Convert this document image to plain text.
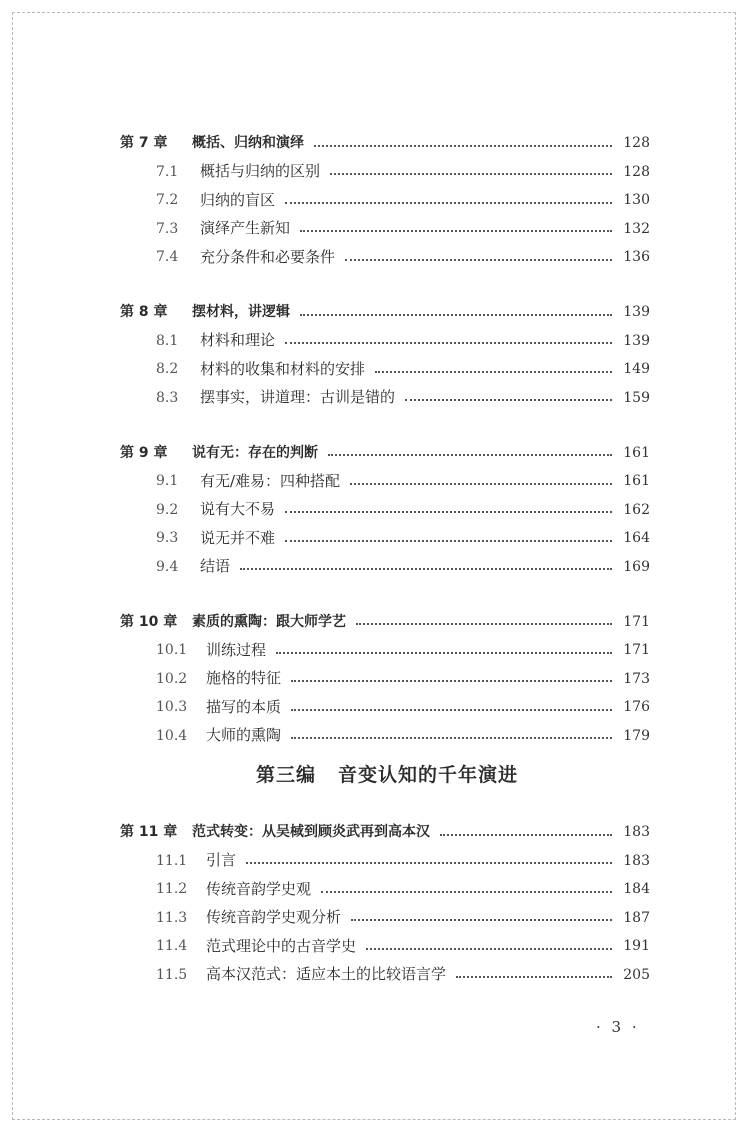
第 7 章	概括、归纳和演绎	128
7.1	概括与归纳的区别	128
7.2	归纳的盲区	130
7.3	演绎产生新知	132
7.4	充分条件和必要条件	136
第 8 章	摆材料，讲逻辑	139
8.1	材料和理论	139
8.2	材料的收集和材料的安排	149
8.3	摆事实，讲道理：古训是错的	159
第 9 章	说有无：存在的判断	161
9.1	有无/难易：四种搭配	161
9.2	说有大不易	162
9.3	说无并不难	164
9.4	结语	169
第 10 章	素质的熏陶：跟大师学艺	171
10.1	训练过程	171
10.2	施格的特征	173
10.3	描写的本质	176
10.4	大师的熏陶	179
第三编 音变认知的千年演进
第 11 章	范式转变：从吴棫到顾炎武再到高本汉	183
11.1	引言	183
11.2	传统音韵学史观	184
11.3	传统音韵学史观分析	187
11.4	范式理论中的古音学史	191
11.5	高本汉范式：适应本土的比较语言学	205
· 3 ·
